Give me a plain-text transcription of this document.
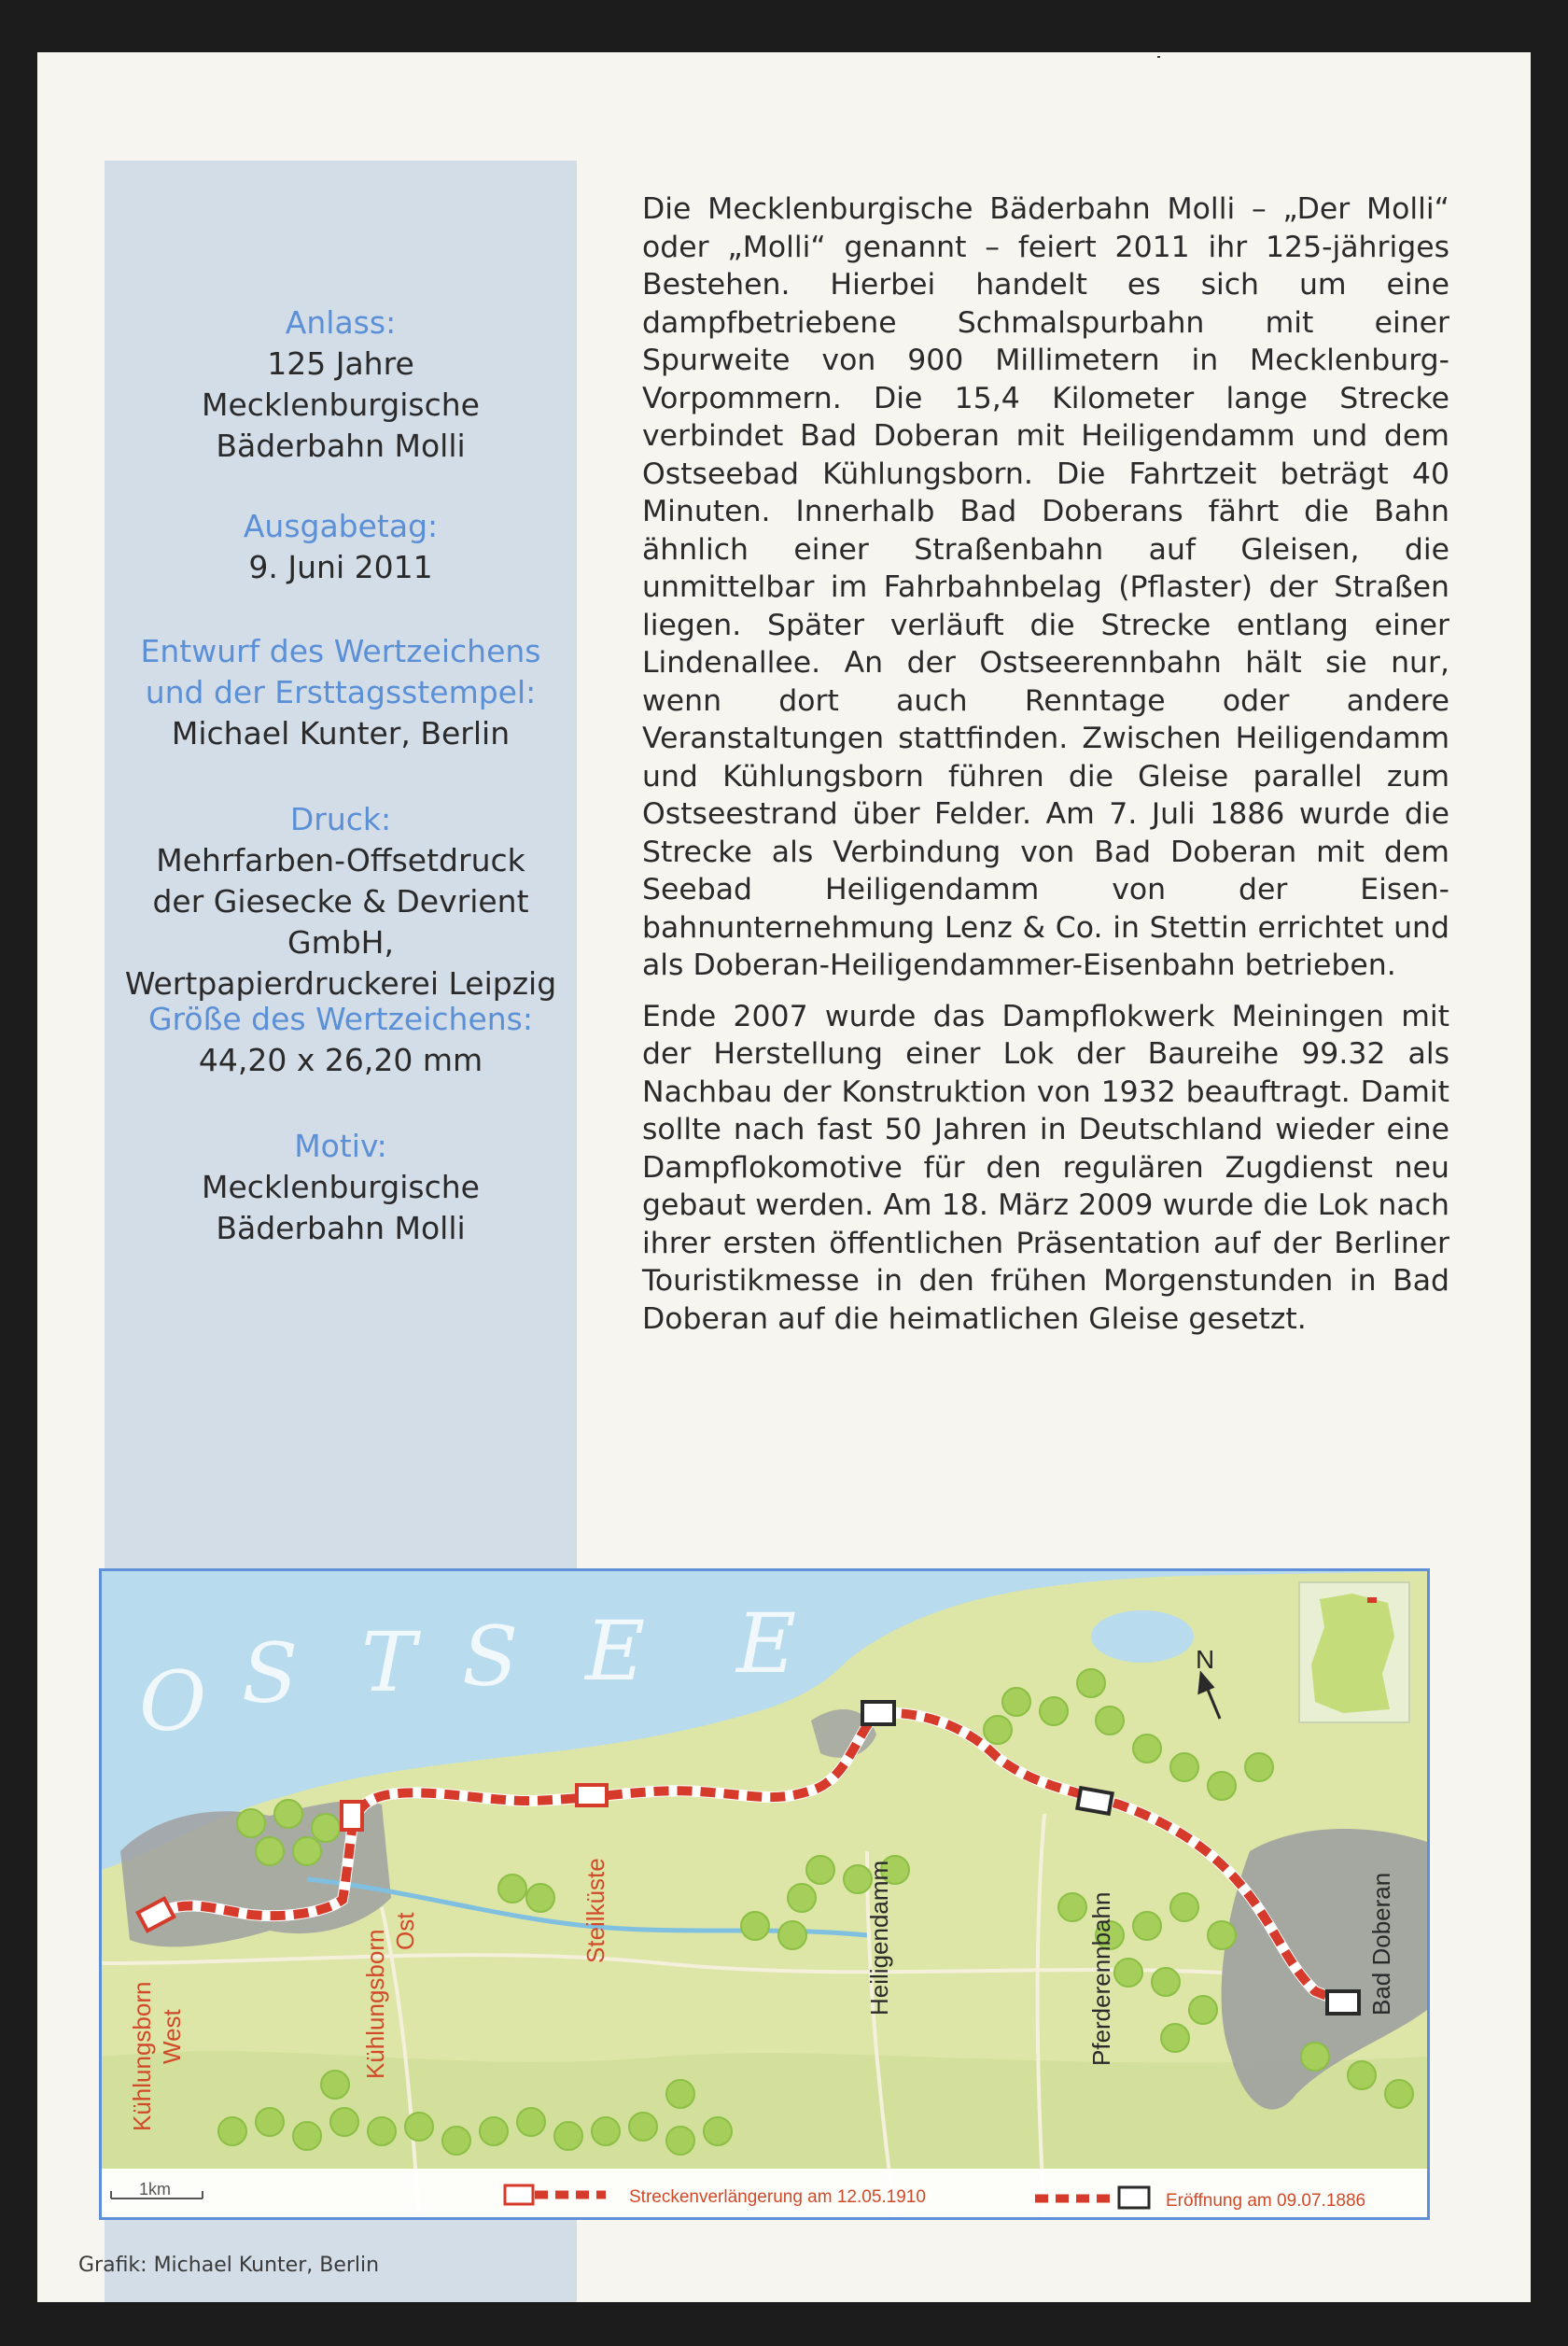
Anlass:
125 Jahre
Mecklenburgische
Bäderbahn Molli
Ausgabetag:
9. Juni 2011
Entwurf des Wertzeichens
und der Ersttagsstempel:
Michael Kunter, Berlin
Druck:
Mehrfarben-Offsetdruck
der Giesecke & Devrient GmbH,
Wertpapierdruckerei Leipzig
Größe des Wertzeichens:
44,20 x 26,20 mm
Motiv:
Mecklenburgische
Bäderbahn Molli

Die Mecklenburgische Bäderbahn Molli – „Der Molli“ oder „Molli“ genannt – feiert 2011 ihr 125-jähriges Bestehen. Hierbei handelt es sich um eine dampfbetriebene Schmalspurbahn mit einer Spurweite von 900 Millimetern in Mecklenburg-Vorpommern. Die 15,4 Kilometer lange Strecke verbindet Bad Doberan mit Heiligendamm und dem Ostseebad Kühlungsborn. Die Fahrtzeit beträgt 40 Minuten. Innerhalb Bad Doberans fährt die Bahn ähnlich einer Straßenbahn auf Gleisen, die unmittelbar im Fahrbahnbelag (Pflaster) der Straßen liegen. Später verläuft die Strecke entlang einer Lindenallee. An der Ostseerennbahn hält sie nur, wenn dort auch Renntage oder andere Veranstaltungen stattfinden. Zwischen Heiligendamm und Kühlungsborn führen die Gleise parallel zum Ostseestrand über Felder. Am 7. Juli 1886 wurde die Strecke als Verbindung von Bad Doberan mit dem Seebad Heiligendamm von der Eisenbahnunternehmung Lenz & Co. in Stettin errichtet und als Doberan-Heiligendammer-Eisenbahn betrieben.

Ende 2007 wurde das Dampflokwerk Meiningen mit der Herstellung einer Lok der Baureihe 99.32 als Nachbau der Konstruktion von 1932 beauftragt. Damit sollte nach fast 50 Jahren in Deutschland wieder eine Dampflokomotive für den regulären Zugdienst neu gebaut werden. Am 18. März 2009 wurde die Lok nach ihrer ersten öffentlichen Präsentation auf der Berliner Touristikmesse in den frühen Morgenstunden in Bad Doberan auf die heimatlichen Gleise gesetzt.

O S T S E E	N
Kühlungsborn West	Kühlungsborn Ost	Steilküste	Heiligendamm	Pferderennbahn	Bad Doberan
1km	Streckenverlängerung am 12.05.1910	Eröffnung am 09.07.1886
Grafik: Michael Kunter, Berlin
